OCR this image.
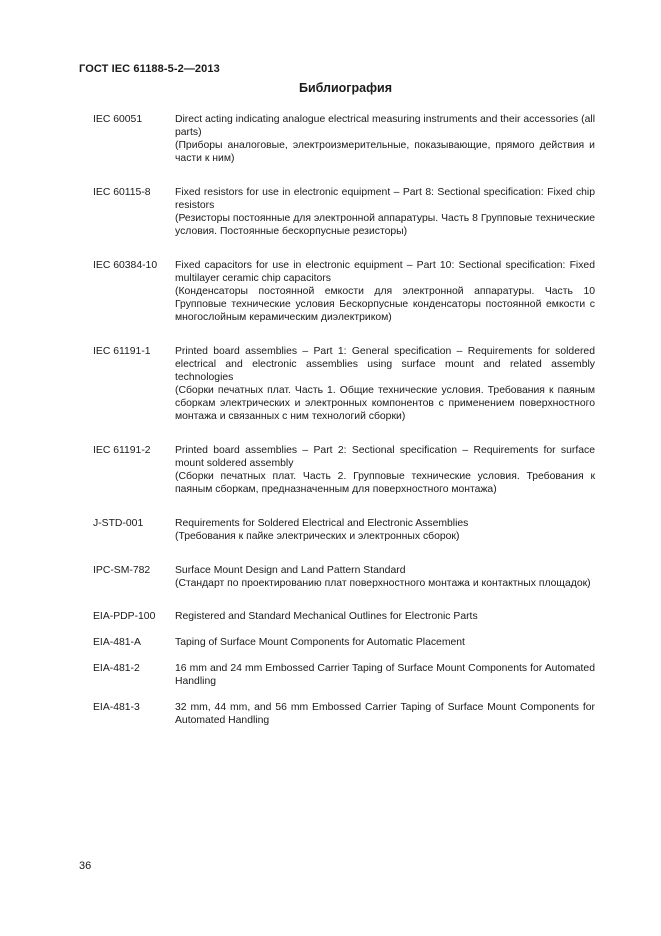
ГОСТ IEC 61188-5-2—2013
Библиография
IEC 60051	Direct acting indicating analogue electrical measuring instruments and their accessories (all parts)

(Приборы аналоговые, электроизмерительные, показывающие, прямого действия и части к ним)

IEC 60115-8	Fixed resistors for use in electronic equipment – Part 8: Sectional specification: Fixed chip resistors

(Резисторы постоянные для электронной аппаратуры. Часть 8 Групповые технические условия. Постоянные бескорпусные резисторы)

IEC 60384-10	Fixed capacitors for use in electronic equipment – Part 10: Sectional specification: Fixed multilayer ceramic chip capacitors

(Конденсаторы постоянной емкости для электронной аппаратуры. Часть 10 Групповые технические условия Бескорпусные конденсаторы постоянной емкости с многослойным керамическим диэлектриком)

IEC 61191-1	Printed board assemblies – Part 1: General specification – Requirements for soldered electrical and electronic assemblies using surface mount and related assembly technologies

(Сборки печатных плат. Часть 1. Общие технические условия. Требования к паяным сборкам электрических и электронных компонентов с применением поверхностного монтажа и связанных с ним технологий сборки)

IEC 61191-2	Printed board assemblies – Part 2: Sectional specification – Requirements for surface mount soldered assembly

(Сборки печатных плат. Часть 2. Групповые технические условия. Требования к паяным сборкам, предназначенным для поверхностного монтажа)

J-STD-001	Requirements for Soldered Electrical and Electronic Assemblies

(Требования к пайке электрических и электронных сборок)

IPC-SM-782	Surface Mount Design and Land Pattern Standard

(Стандарт по проектированию плат поверхностного монтажа и контактных площадок)

EIA-PDP-100	Registered and Standard Mechanical Outlines for Electronic Parts

EIA-481-A	Taping of Surface Mount Components for Automatic Placement

EIA-481-2	16 mm and 24 mm Embossed Carrier Taping of Surface Mount Components for Automated Handling

EIA-481-3	32 mm, 44 mm, and 56 mm Embossed Carrier Taping of Surface Mount Components for Automated Handling

36
